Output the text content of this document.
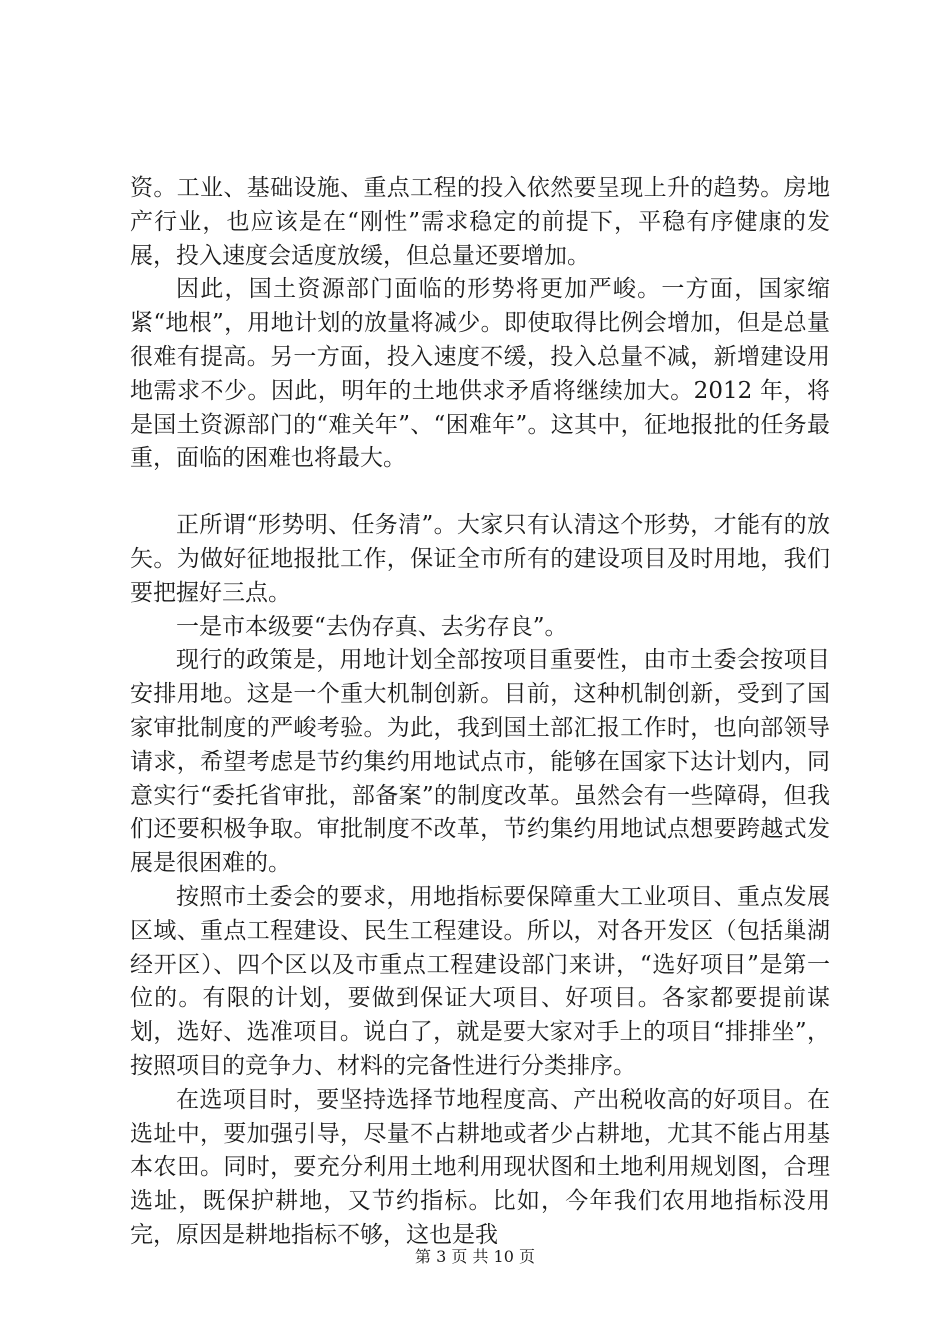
资。工业、基础设施、重点工程的投入依然要呈现上升的趋势。房地产行业，也应该是在“刚性”需求稳定的前提下，平稳有序健康的发展，投入速度会适度放缓，但总量还要增加。

因此，国土资源部门面临的形势将更加严峻。一方面，国家缩紧“地根”，用地计划的放量将减少。即使取得比例会增加，但是总量很难有提高。另一方面，投入速度不缓，投入总量不减，新增建设用地需求不少。因此，明年的土地供求矛盾将继续加大。2012 年，将是国土资源部门的“难关年”、“困难年”。这其中，征地报批的任务最重，面临的困难也将最大。

正所谓“形势明、任务清”。大家只有认清这个形势，才能有的放矢。为做好征地报批工作，保证全市所有的建设项目及时用地，我们要把握好三点。

一是市本级要“去伪存真、去劣存良”。

现行的政策是，用地计划全部按项目重要性，由市土委会按项目安排用地。这是一个重大机制创新。目前，这种机制创新，受到了国家审批制度的严峻考验。为此，我到国土部汇报工作时，也向部领导请求，希望考虑是节约集约用地试点市，能够在国家下达计划内，同意实行“委托省审批，部备案”的制度改革。虽然会有一些障碍，但我们还要积极争取。审批制度不改革，节约集约用地试点想要跨越式发展是很困难的。

按照市土委会的要求，用地指标要保障重大工业项目、重点发展区域、重点工程建设、民生工程建设。所以，对各开发区（包括巢湖经开区）、四个区以及市重点工程建设部门来讲，“选好项目”是第一位的。有限的计划，要做到保证大项目、好项目。各家都要提前谋划，选好、选准项目。说白了，就是要大家对手上的项目“排排坐”，按照项目的竞争力、材料的完备性进行分类排序。

在选项目时，要坚持选择节地程度高、产出税收高的好项目。在选址中，要加强引导，尽量不占耕地或者少占耕地，尤其不能占用基本农田。同时，要充分利用土地利用现状图和土地利用规划图，合理选址，既保护耕地，又节约指标。比如，今年我们农用地指标没用完，原因是耕地指标不够，这也是我

第 3 页 共 10 页
